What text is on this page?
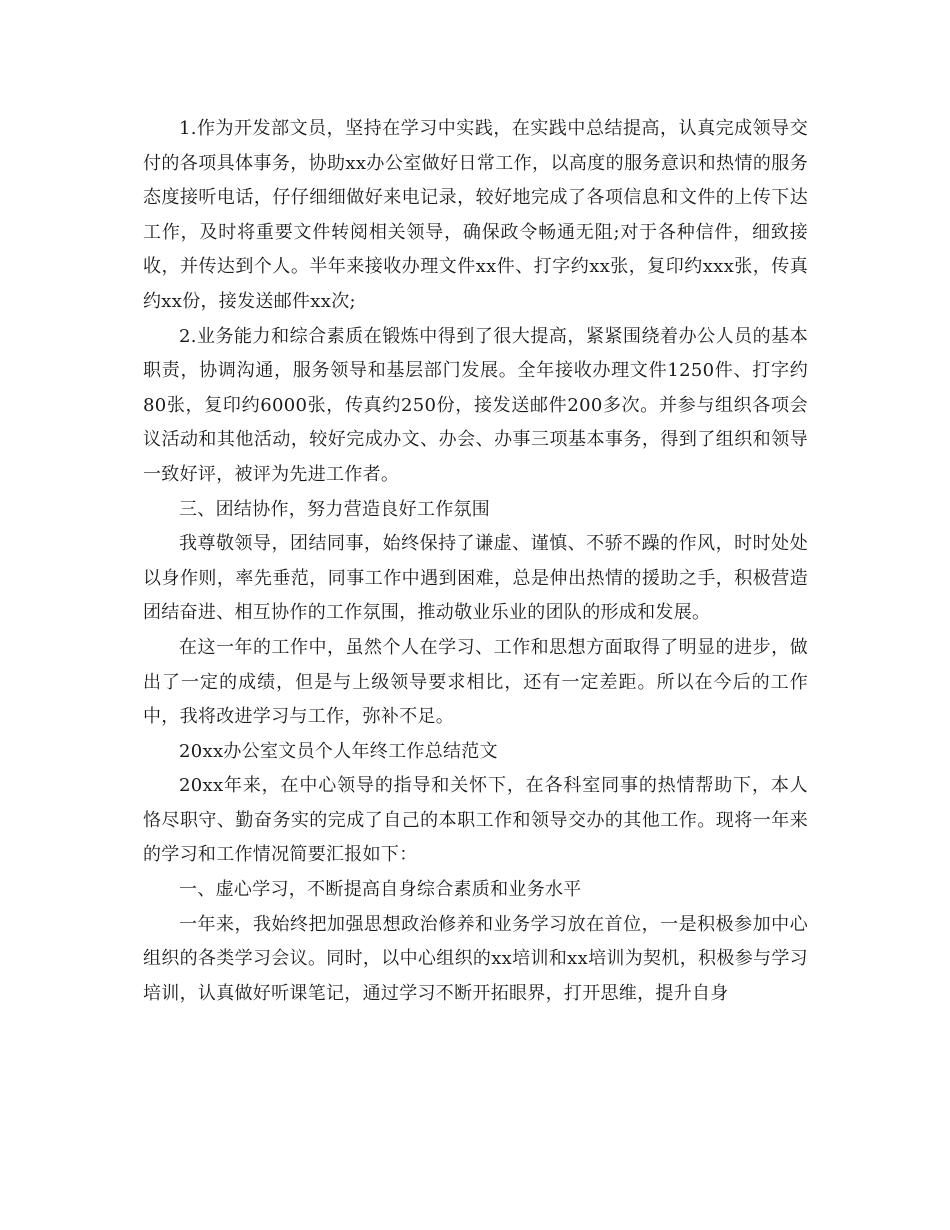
1.作为开发部文员，坚持在学习中实践，在实践中总结提高，认真完成领导交付的各项具体事务，协助xx办公室做好日常工作，以高度的服务意识和热情的服务态度接听电话，仔仔细细做好来电记录，较好地完成了各项信息和文件的上传下达工作，及时将重要文件转阅相关领导，确保政令畅通无阻;对于各种信件，细致接收，并传达到个人。半年来接收办理文件xx件、打字约xx张，复印约xxx张，传真约xx份，接发送邮件xx次;

2.业务能力和综合素质在锻炼中得到了很大提高，紧紧围绕着办公人员的基本职责，协调沟通，服务领导和基层部门发展。全年接收办理文件1250件、打字约80张，复印约6000张，传真约250份，接发送邮件200多次。并参与组织各项会议活动和其他活动，较好完成办文、办会、办事三项基本事务，得到了组织和领导一致好评，被评为先进工作者。

三、团结协作，努力营造良好工作氛围

我尊敬领导，团结同事，始终保持了谦虚、谨慎、不骄不躁的作风，时时处处以身作则，率先垂范，同事工作中遇到困难，总是伸出热情的援助之手，积极营造团结奋进、相互协作的工作氛围，推动敬业乐业的团队的形成和发展。

在这一年的工作中，虽然个人在学习、工作和思想方面取得了明显的进步，做出了一定的成绩，但是与上级领导要求相比，还有一定差距。所以在今后的工作中，我将改进学习与工作，弥补不足。

20xx办公室文员个人年终工作总结范文

20xx年来，在中心领导的指导和关怀下，在各科室同事的热情帮助下，本人恪尽职守、勤奋务实的完成了自己的本职工作和领导交办的其他工作。现将一年来的学习和工作情况简要汇报如下：

一、虚心学习，不断提高自身综合素质和业务水平

一年来，我始终把加强思想政治修养和业务学习放在首位，一是积极参加中心组织的各类学习会议。同时，以中心组织的xx培训和xx培训为契机，积极参与学习培训，认真做好听课笔记，通过学习不断开拓眼界，打开思维，提升自身
